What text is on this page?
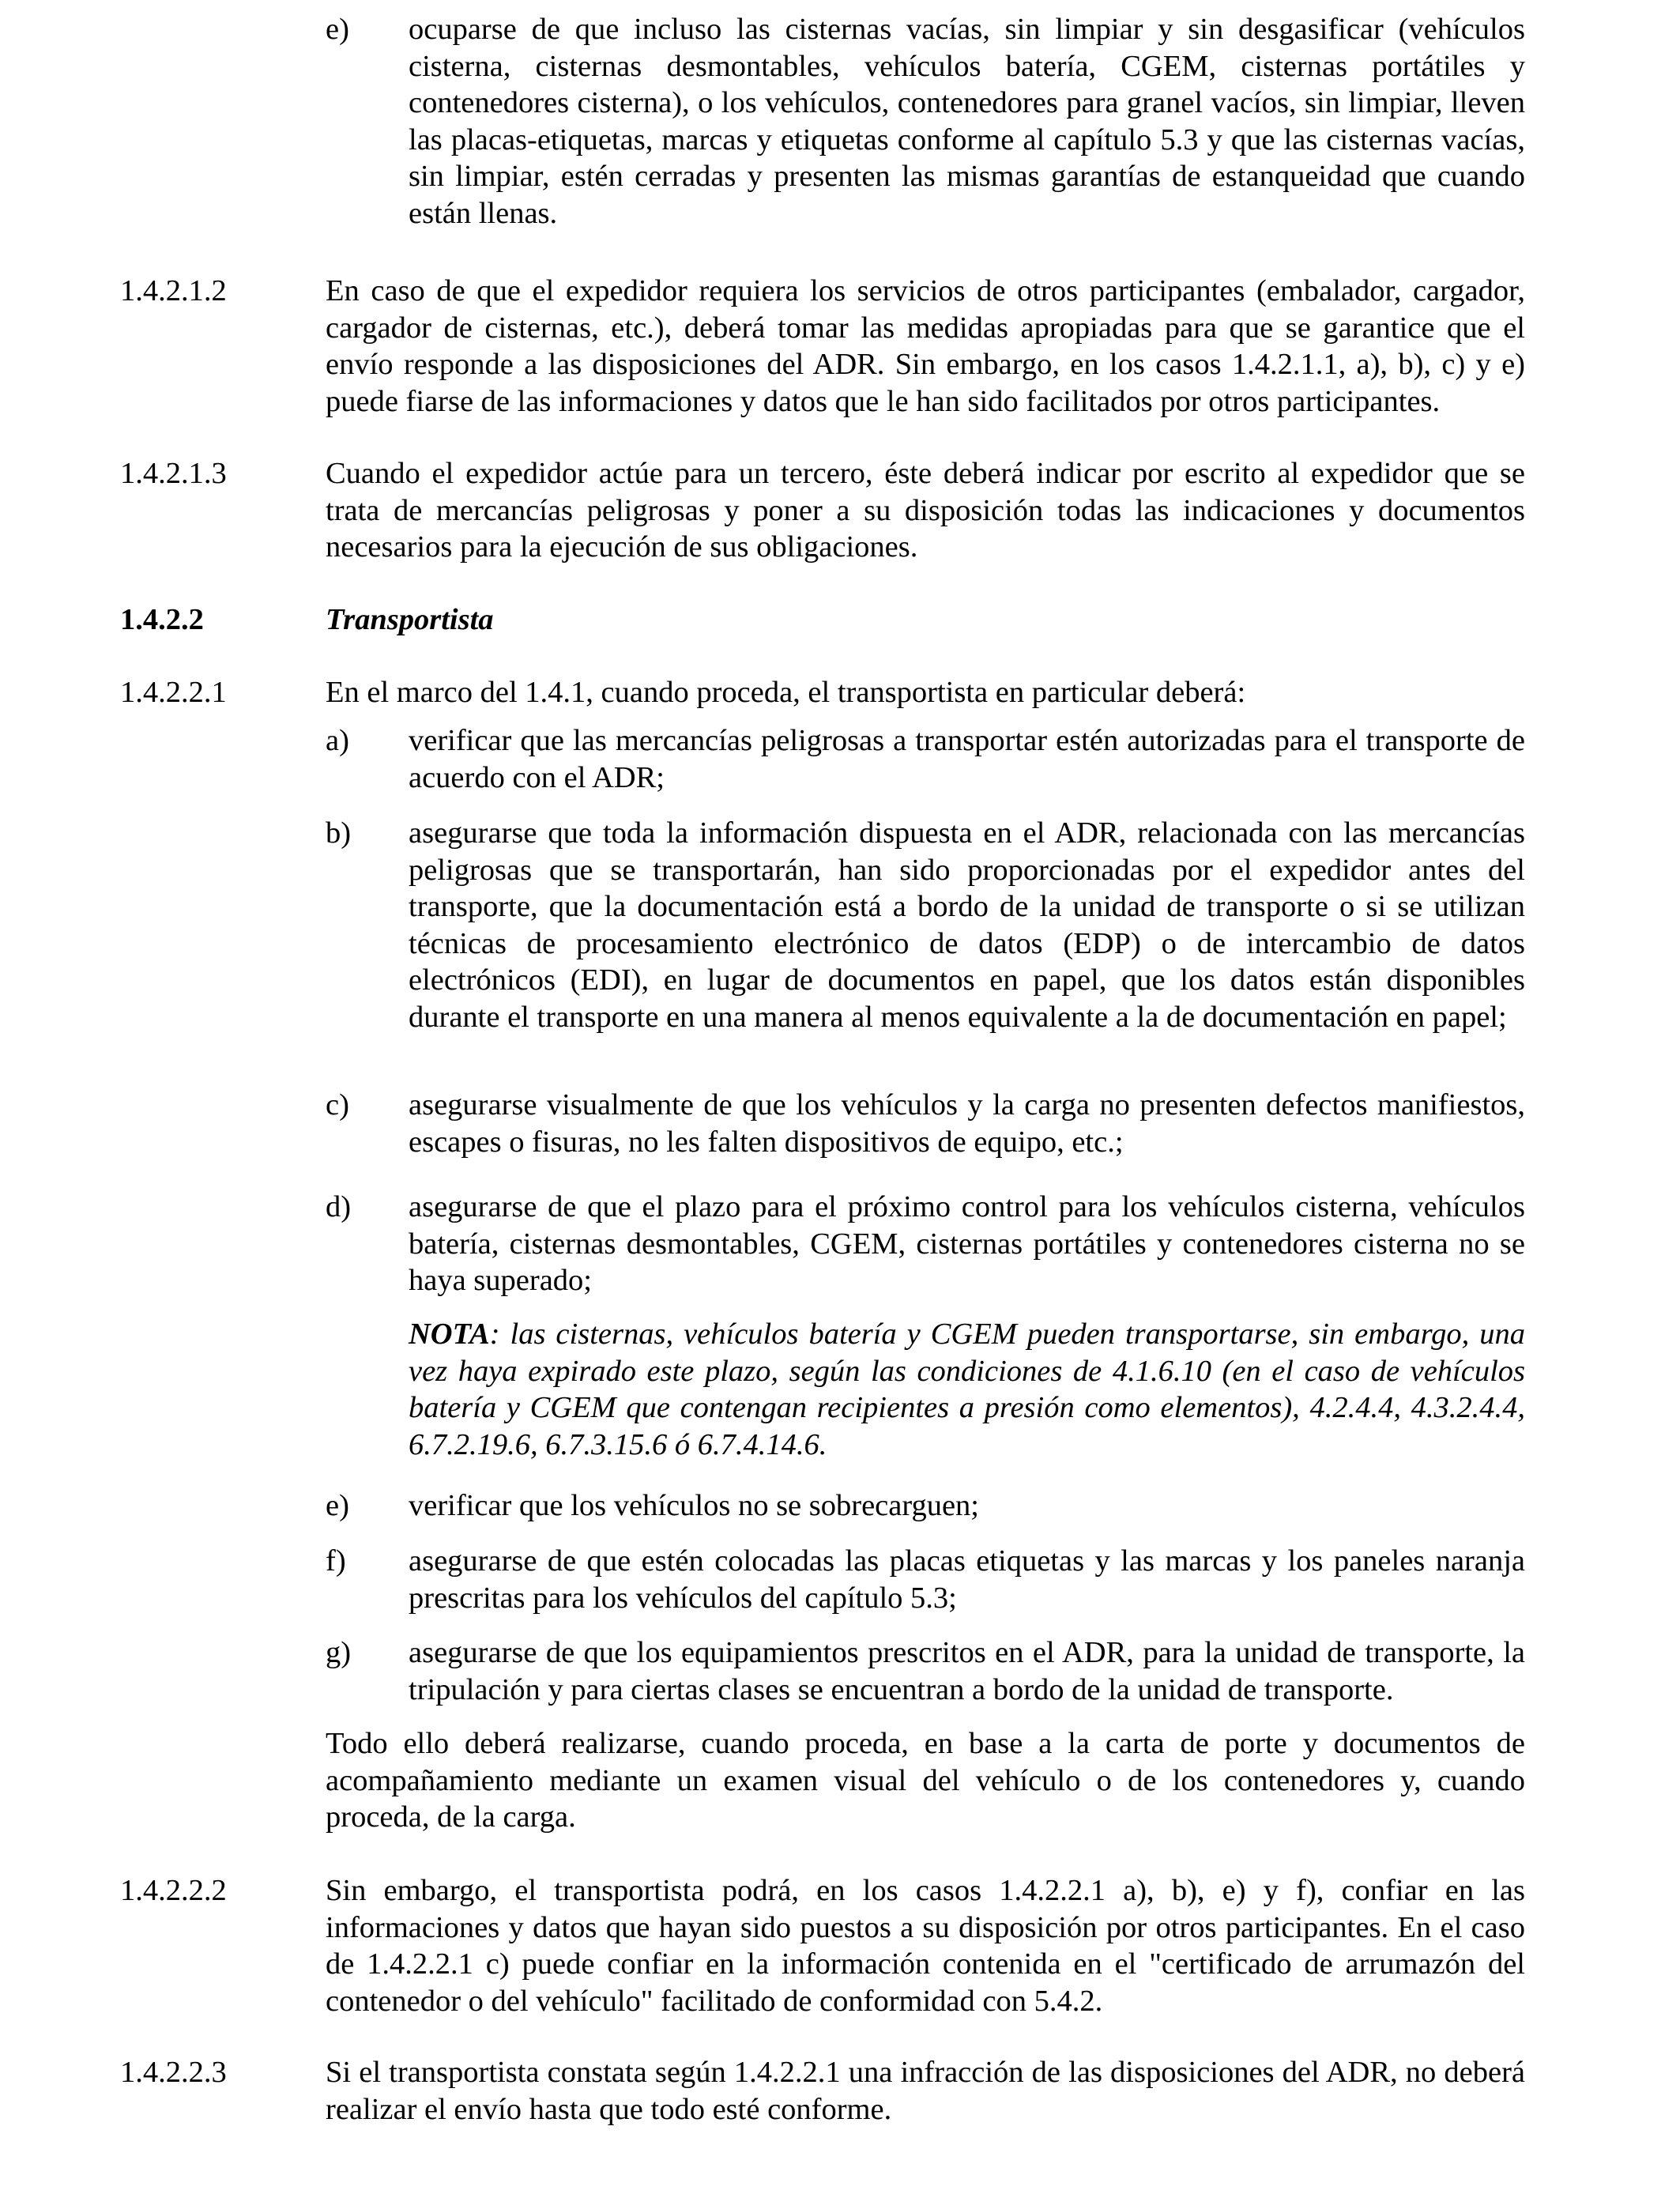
e) ocuparse de que incluso las cisternas vacías, sin limpiar y sin desgasificar (vehículos cisterna, cisternas desmontables, vehículos batería, CGEM, cisternas portátiles y contenedores cisterna), o los vehículos, contenedores para granel vacíos, sin limpiar, lleven las placas-etiquetas, marcas y etiquetas conforme al capítulo 5.3 y que las cisternas vacías, sin limpiar, estén cerradas y presenten las mismas garantías de estanqueidad que cuando están llenas.

1.4.2.1.2	En caso de que el expedidor requiera los servicios de otros participantes (embalador, cargador, cargador de cisternas, etc.), deberá tomar las medidas apropiadas para que se garantice que el envío responde a las disposiciones del ADR. Sin embargo, en los casos 1.4.2.1.1, a), b), c) y e) puede fiarse de las informaciones y datos que le han sido facilitados por otros participantes.

1.4.2.1.3	Cuando el expedidor actúe para un tercero, éste deberá indicar por escrito al expedidor que se trata de mercancías peligrosas y poner a su disposición todas las indicaciones y documentos necesarios para la ejecución de sus obligaciones.

1.4.2.2	Transportista
1.4.2.2.1	En el marco del 1.4.1, cuando proceda, el transportista en particular deberá:

a) verificar que las mercancías peligrosas a transportar estén autorizadas para el transporte de acuerdo con el ADR;

b) asegurarse que toda la información dispuesta en el ADR, relacionada con las mercancías peligrosas que se transportarán, han sido proporcionadas por el expedidor antes del transporte, que la documentación está a bordo de la unidad de transporte o si se utilizan técnicas de procesamiento electrónico de datos (EDP) o de intercambio de datos electrónicos (EDI), en lugar de documentos en papel, que los datos están disponibles durante el transporte en una manera al menos equivalente a la de documentación en papel;

c) asegurarse visualmente de que los vehículos y la carga no presenten defectos manifiestos, escapes o fisuras, no les falten dispositivos de equipo, etc.;

d) asegurarse de que el plazo para el próximo control para los vehículos cisterna, vehículos batería, cisternas desmontables, CGEM, cisternas portátiles y contenedores cisterna no se haya superado;

NOTA: las cisternas, vehículos batería y CGEM pueden transportarse, sin embargo, una vez haya expirado este plazo, según las condiciones de 4.1.6.10 (en el caso de vehículos batería y CGEM que contengan recipientes a presión como elementos), 4.2.4.4, 4.3.2.4.4, 6.7.2.19.6, 6.7.3.15.6 ó 6.7.4.14.6.

e) verificar que los vehículos no se sobrecarguen;

f) asegurarse de que estén colocadas las placas etiquetas y las marcas y los paneles naranja prescritas para los vehículos del capítulo 5.3;

g) asegurarse de que los equipamientos prescritos en el ADR, para la unidad de transporte, la tripulación y para ciertas clases se encuentran a bordo de la unidad de transporte.

Todo ello deberá realizarse, cuando proceda, en base a la carta de porte y documentos de acompañamiento mediante un examen visual del vehículo o de los contenedores y, cuando proceda, de la carga.

1.4.2.2.2	Sin embargo, el transportista podrá, en los casos 1.4.2.2.1 a), b), e) y f), confiar en las informaciones y datos que hayan sido puestos a su disposición por otros participantes. En el caso de 1.4.2.2.1 c) puede confiar en la información contenida en el "certificado de arrumazón del contenedor o del vehículo" facilitado de conformidad con 5.4.2.

1.4.2.2.3	Si el transportista constata según 1.4.2.2.1 una infracción de las disposiciones del ADR, no deberá realizar el envío hasta que todo esté conforme.
